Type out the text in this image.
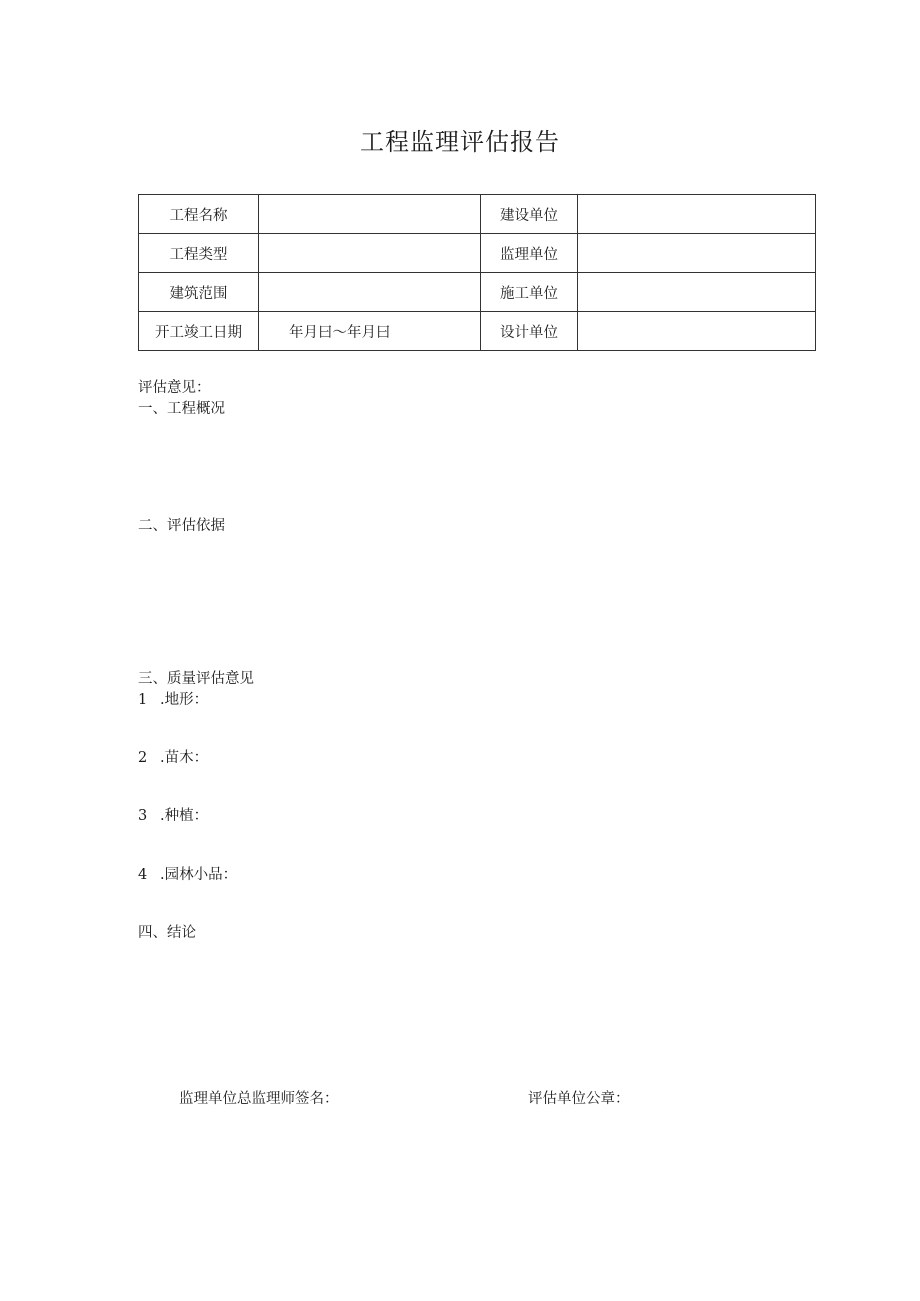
工程监理评估报告
工程名称		建设单位	
工程类型		监理单位	
建筑范围		施工单位	
开工竣工日期	年月曰～年月曰	设计单位	
评估意见：
一、工程概况
二、评估依据
三、质量评估意见
1 .地形：
2 .苗木：
3 .种植：
4 .园林小品：
四、结论
监理单位总监理师签名：	评估单位公章：
